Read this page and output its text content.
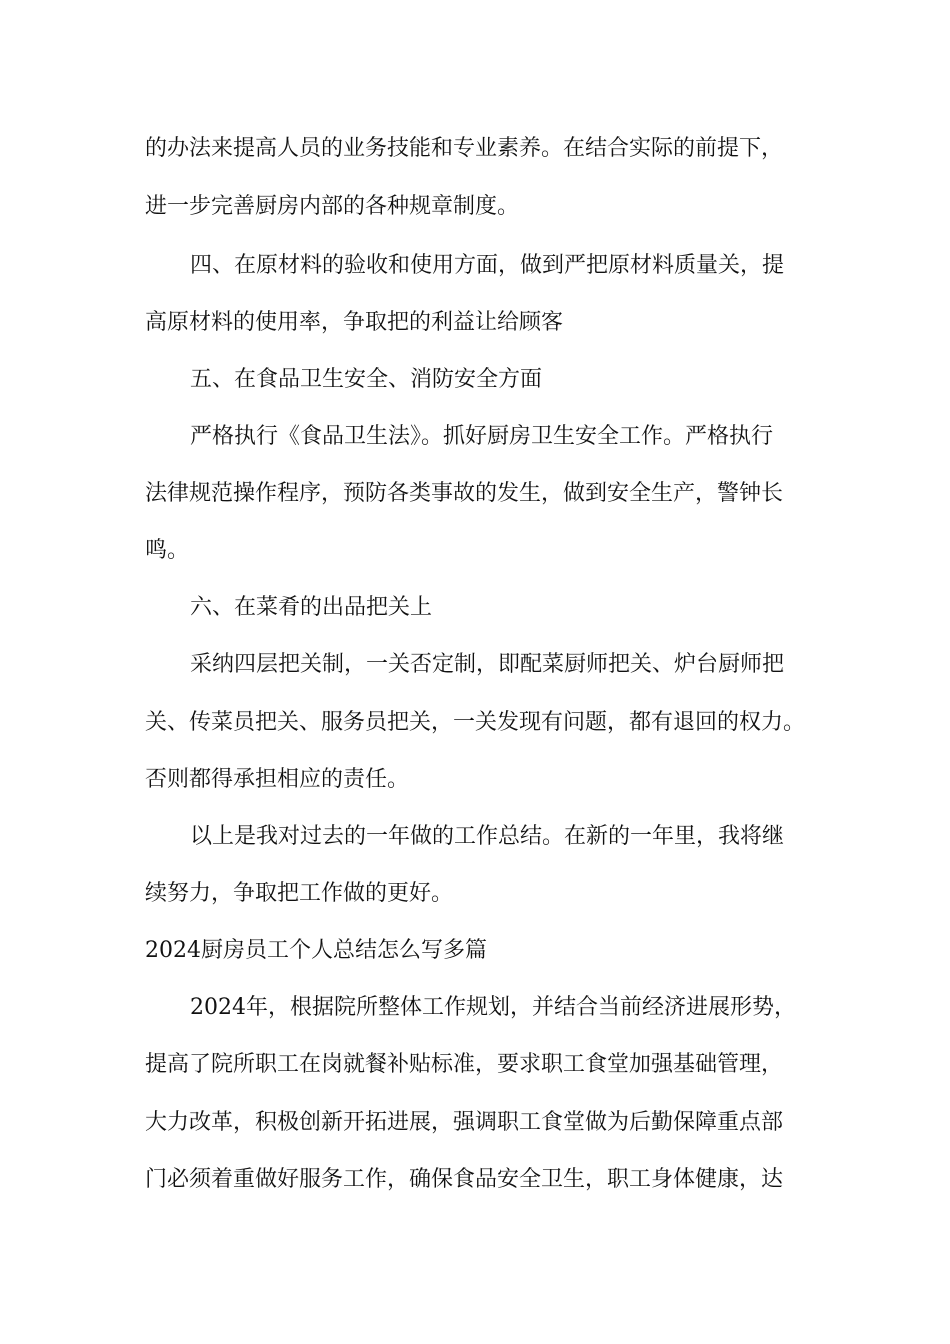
的办法来提高人员的业务技能和专业素养。在结合实际的前提下，
进一步完善厨房内部的各种规章制度。
四、在原材料的验收和使用方面，做到严把原材料质量关，提
高原材料的使用率，争取把的利益让给顾客
五、在食品卫生安全、消防安全方面
严格执行《食品卫生法》。抓好厨房卫生安全工作。严格执行
法律规范操作程序，预防各类事故的发生，做到安全生产，警钟长
鸣。
六、在菜肴的出品把关上
采纳四层把关制，一关否定制，即配菜厨师把关、炉台厨师把
关、传菜员把关、服务员把关，一关发现有问题，都有退回的权力。
否则都得承担相应的责任。
以上是我对过去的一年做的工作总结。在新的一年里，我将继
续努力，争取把工作做的更好。
2024厨房员工个人总结怎么写多篇
2024年，根据院所整体工作规划，并结合当前经济进展形势，
提高了院所职工在岗就餐补贴标准，要求职工食堂加强基础管理，
大力改革，积极创新开拓进展，强调职工食堂做为后勤保障重点部
门必须着重做好服务工作，确保食品安全卫生，职工身体健康，达
